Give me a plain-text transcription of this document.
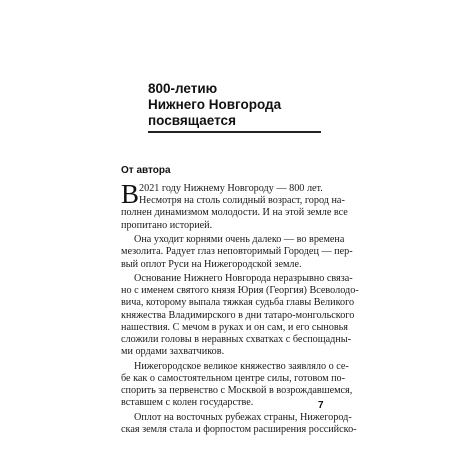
800-летию
Нижнего Новгорода
посвящается
От автора
В 2021 году Нижнему Новгороду — 800 лет.
Несмотря на столь солидный возраст, город на-
полнен динамизмом молодости. И на этой земле все
пропитано историей.
Она уходит корнями очень далеко — во времена
мезолита. Радует глаз неповторимый Городец — пер-
вый оплот Руси на Нижегородской земле.
Основание Нижнего Новгорода неразрывно связа-
но с именем святого князя Юрия (Георгия) Всеволодо-
вича, которому выпала тяжкая судьба главы Великого
княжества Владимирского в дни татаро-монгольского
нашествия. С мечом в руках и он сам, и его сыновья
сложили головы в неравных схватках с беспощадны-
ми ордами захватчиков.
Нижегородское великое княжество заявляло о се-
бе как о самостоятельном центре силы, готовом по-
спорить за первенство с Москвой в возрождавшемся,
вставшем с колен государстве.
Оплот на восточных рубежах страны, Нижегород-
ская земля стала и форпостом расширения российско-
7
